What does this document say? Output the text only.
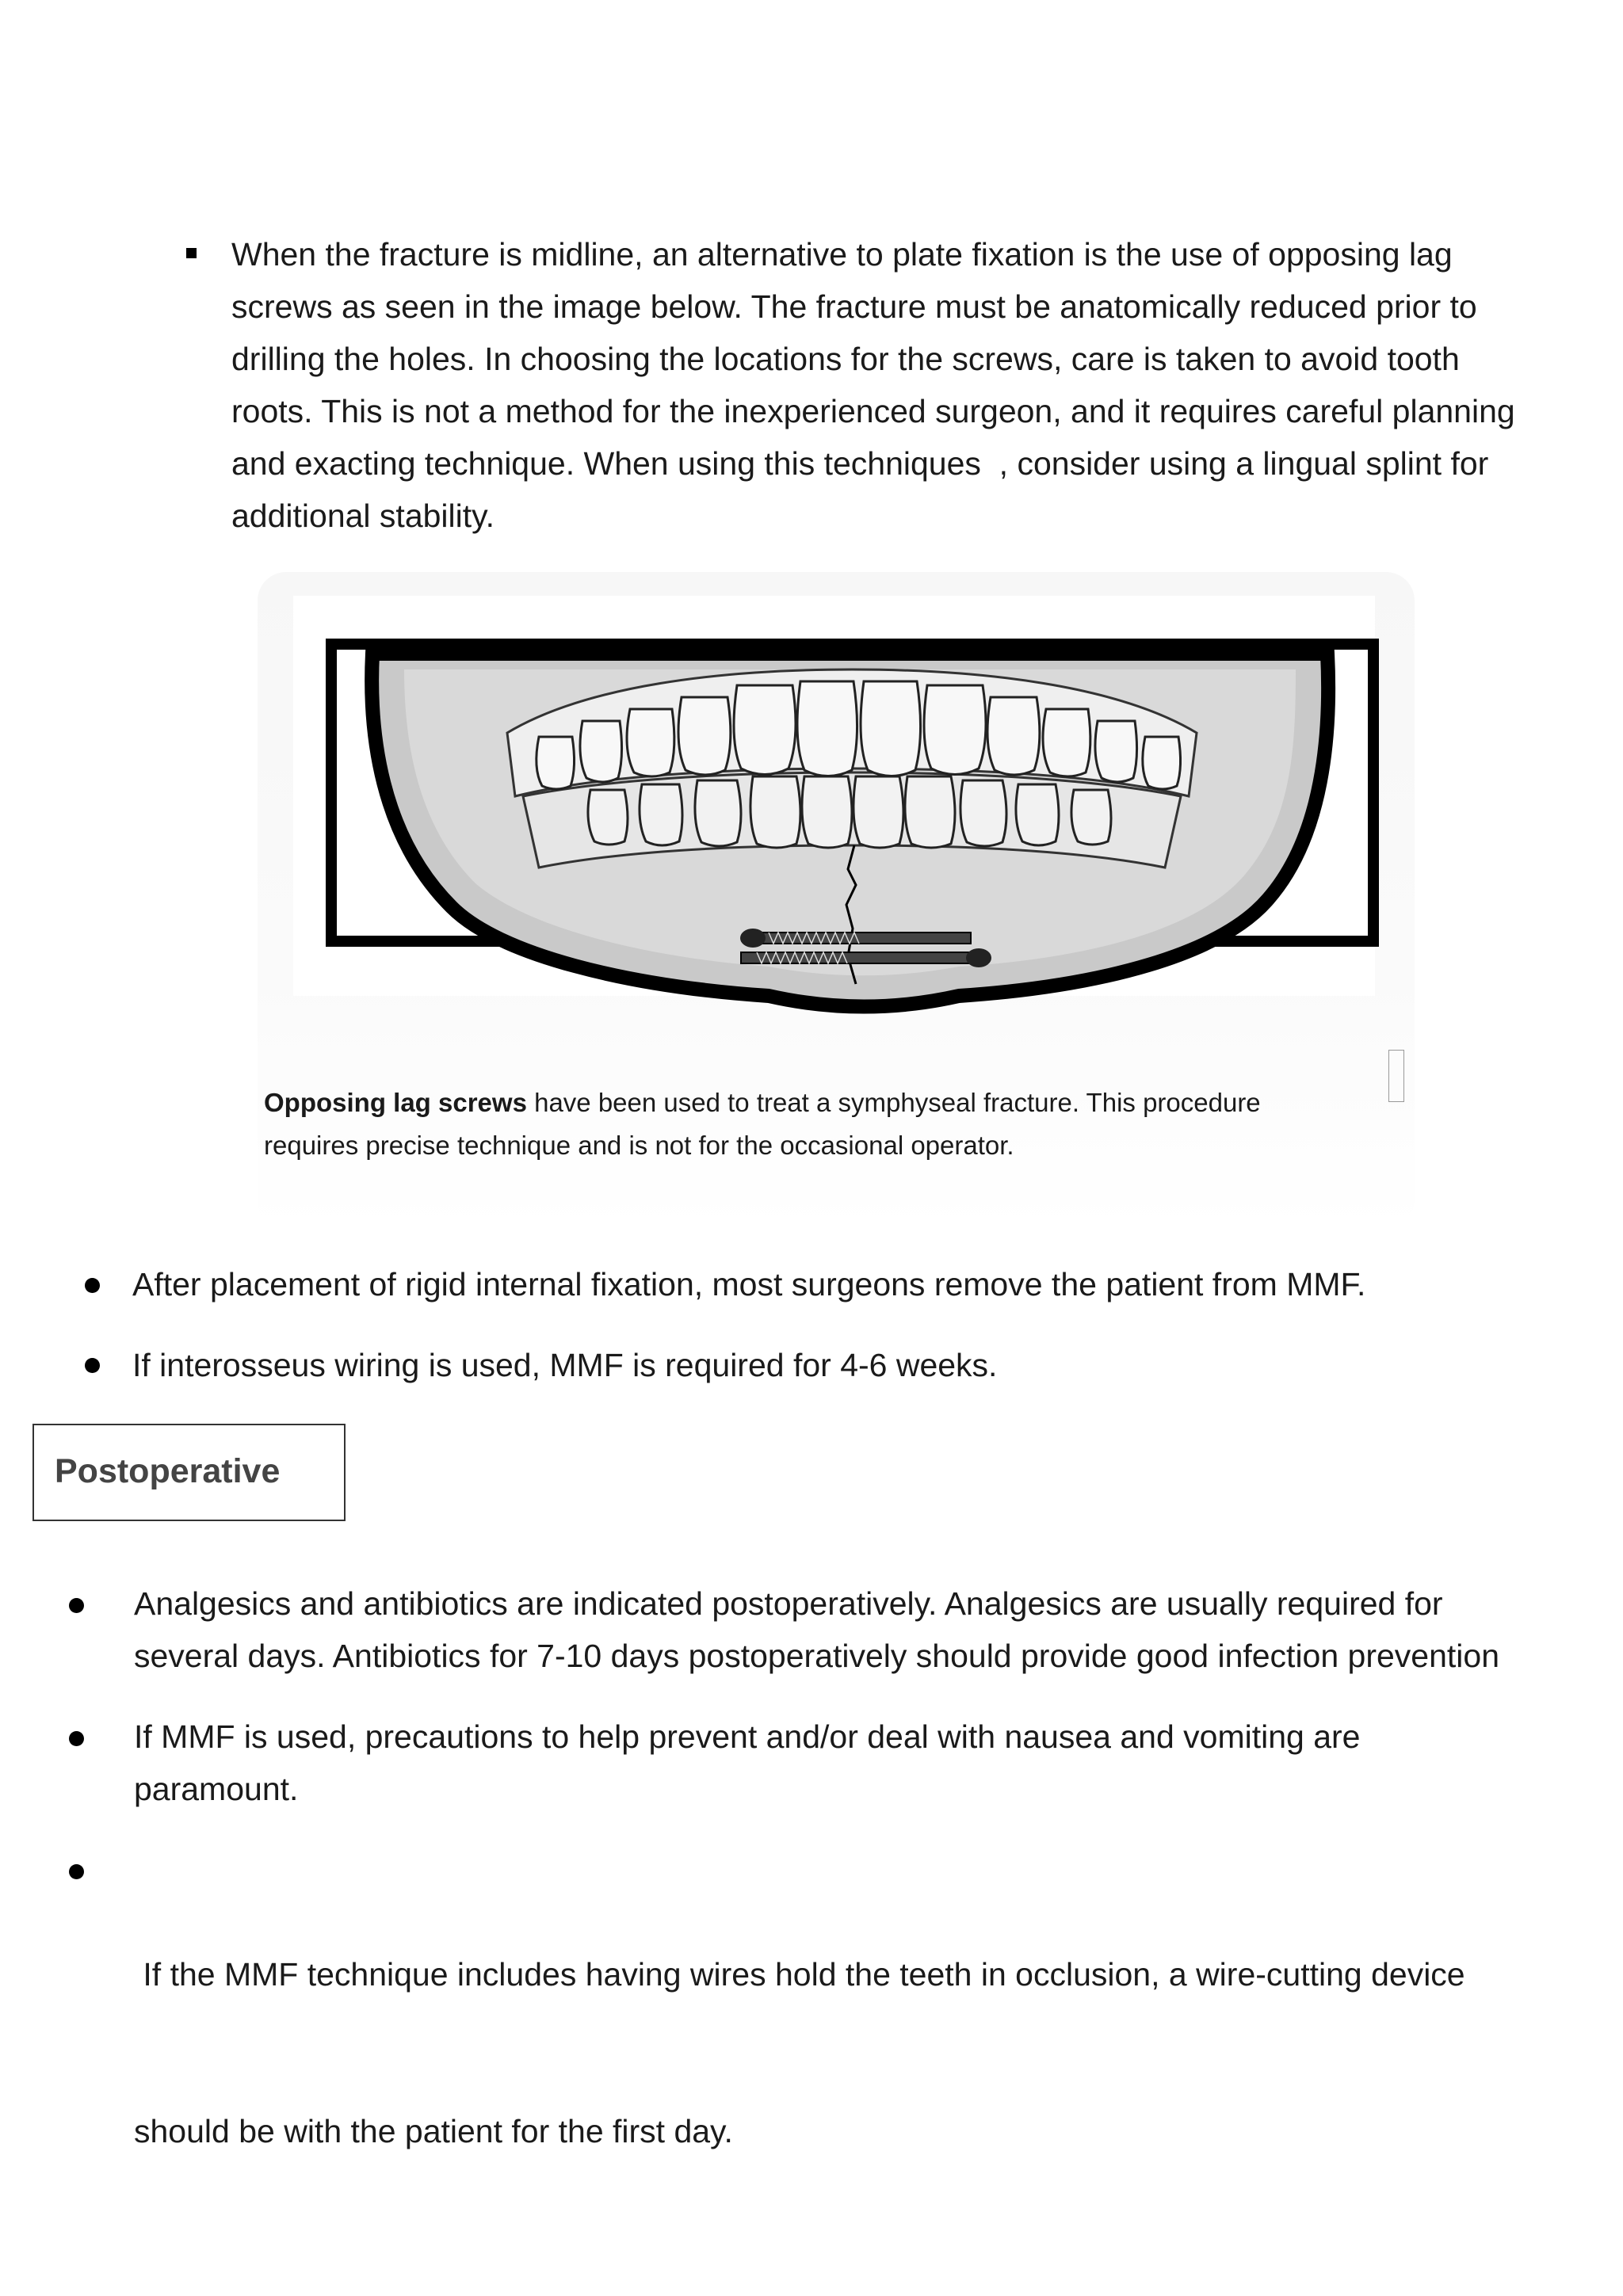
When the fracture is midline, an alternative to plate fixation is the use of opposing lag
screws as seen in the image below. The fracture must be anatomically reduced prior to
drilling the holes. In choosing the locations for the screws, care is taken to avoid tooth
roots. This is not a method for the inexperienced surgeon, and it requires careful planning
and exacting technique. When using this techniques  , consider using a lingual splint for
additional stability.

Opposing lag screws have been used to treat a symphyseal fracture. This procedure
requires precise technique and is not for the occasional operator.

After placement of rigid internal fixation, most surgeons remove the patient from MMF.
If interosseus wiring is used, MMF is required for 4-6 weeks.
Postoperative
Analgesics and antibiotics are indicated postoperatively. Analgesics are usually required for
several days. Antibiotics for 7-10 days postoperatively should provide good infection prevention
If MMF is used, precautions to help prevent and/or deal with nausea and vomiting are
paramount.

If the MMF technique includes having wires hold the teeth in occlusion, a wire-cutting device

should be with the patient for the first day.
